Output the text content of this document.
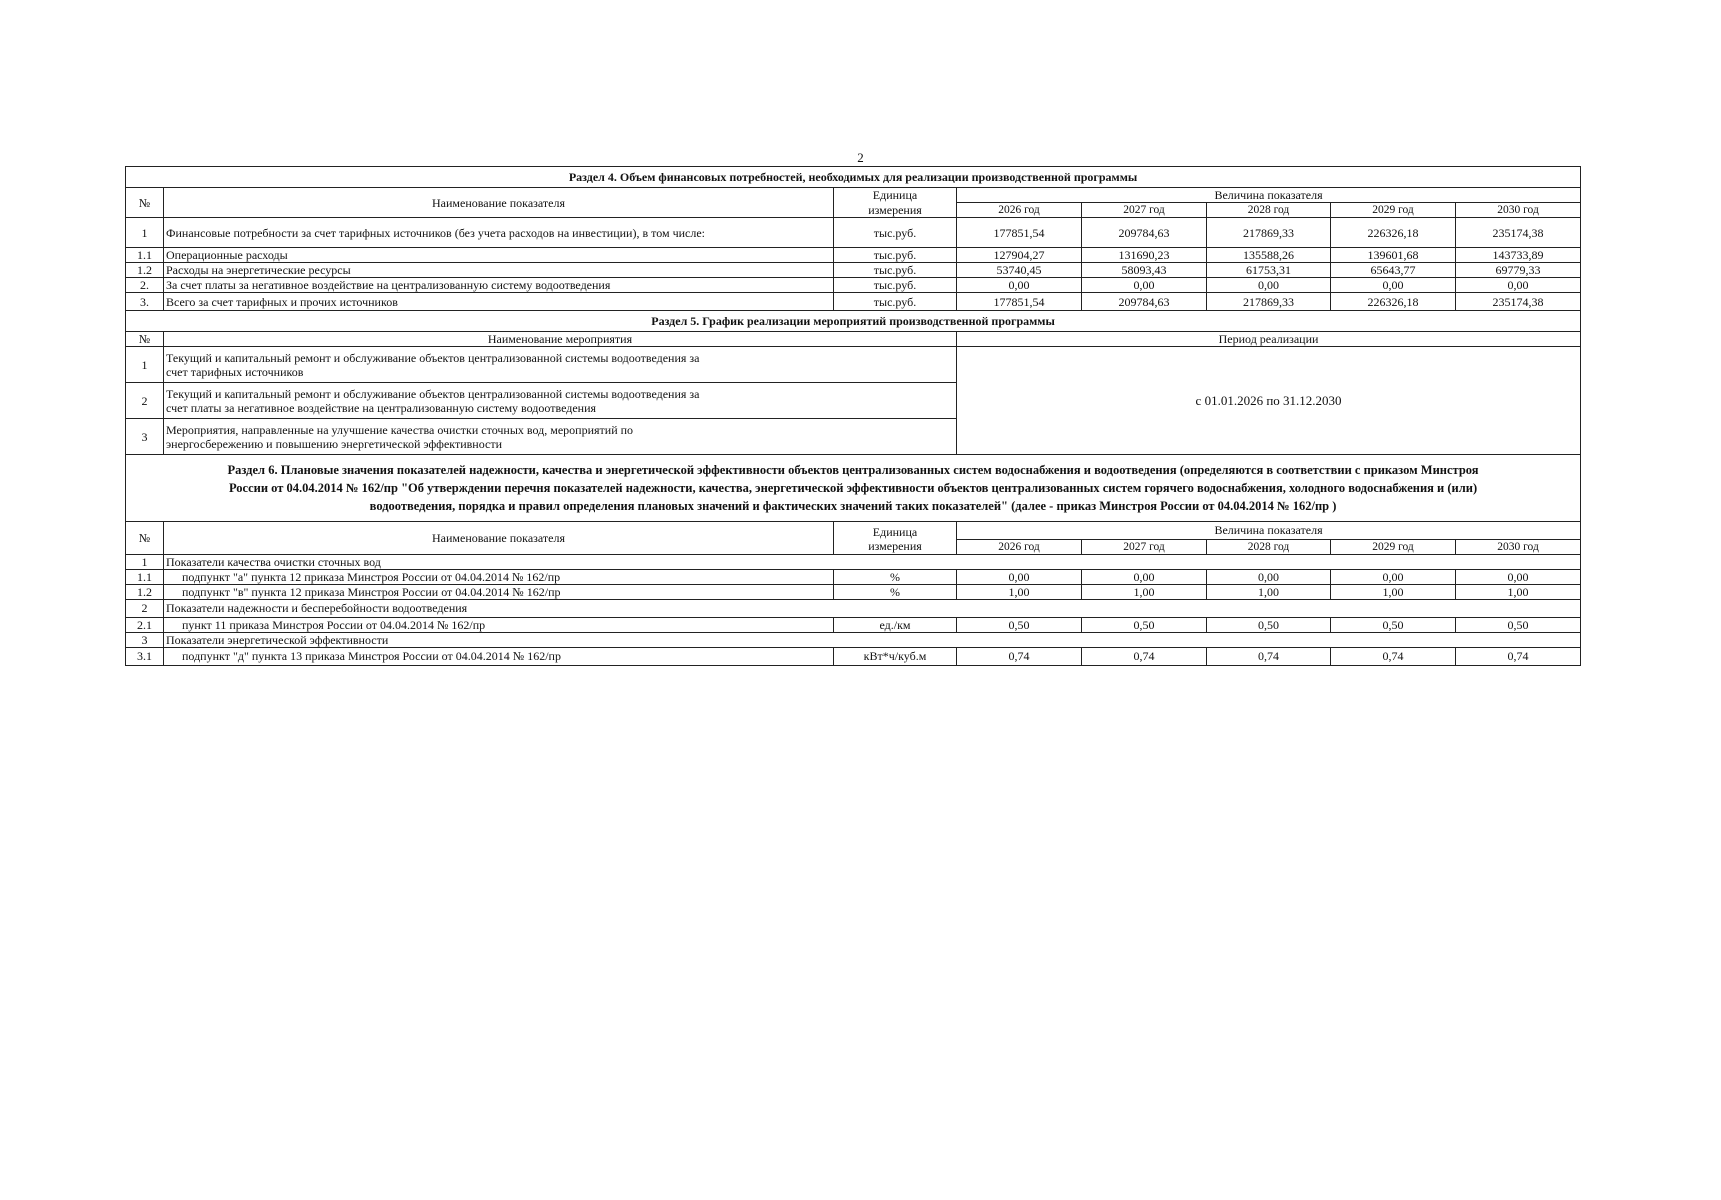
2
Раздел 4. Объем финансовых потребностей, необходимых для реализации производственной программы							
№	Наименование показателя	Единица	Величина показателя				
		измерения	2026 год	2027 год	2028 год	2029 год	2030 год
1	Финансовые потребности за счет тарифных источников (без учета расходов на инвестиции), в том числе:	тыс.руб.	177851,54	209784,63	217869,33	226326,18	235174,38
1.1	Операционные расходы	тыс.руб.	127904,27	131690,23	135588,26	139601,68	143733,89
1.2	Расходы на энергетические ресурсы	тыс.руб.	53740,45	58093,43	61753,31	65643,77	69779,33
2.	За счет платы за негативное воздействие на централизованную систему водоотведения	тыс.руб.	0,00	0,00	0,00	0,00	0,00
3.	Всего за счет тарифных и прочих источников	тыс.руб.	177851,54	209784,63	217869,33	226326,18	235174,38
Раздел 5. График реализации мероприятий производственной программы							
№	Наименование мероприятия		Период реализации				
1	Текущий и капитальный ремонт и обслуживание объектов централизованной системы водоотведения за
счет тарифных источников		с 01.01.2026 по 31.12.2030				
2	Текущий и капитальный ремонт и обслуживание объектов централизованной системы водоотведения за
счет платы за негативное воздействие на централизованную систему водоотведения						

3	Мероприятия, направленные на улучшение качества очистки сточных вод, мероприятий по
энергосбережению и повышению энергетической эффективности						

Раздел 6. Плановые значения показателей надежности, качества и энергетической эффективности объектов централизованных систем водоснабжения и водоотведения (определяются в соответствии с приказом Минстроя
России от 04.04.2014 № 162/пр "Об утверждении перечня показателей надежности, качества, энергетической эффективности объектов централизованных систем горячего водоснабжения, холодного водоснабжения и (или)
водоотведения, порядка и правил определения плановых значений и фактических значений таких показателей" (далее - приказ Минстроя России от 04.04.2014 № 162/пр )							

№	Наименование показателя	Единица	Величина показателя				
		измерения	2026 год	2027 год	2028 год	2029 год	2030 год
1	Показатели качества очистки сточных вод						
1.1	подпункт "а" пункта 12 приказа Минстроя России от 04.04.2014 № 162/пр	%	0,00	0,00	0,00	0,00	0,00
1.2	подпункт "в" пункта 12 приказа Минстроя России от 04.04.2014 № 162/пр	%	1,00	1,00	1,00	1,00	1,00
2	Показатели надежности и бесперебойности водоотведения						
2.1	пункт 11 приказа Минстроя России от 04.04.2014 № 162/пр	ед./км	0,50	0,50	0,50	0,50	0,50
3	Показатели энергетической эффективности						
3.1	подпункт "д" пункта 13 приказа Минстроя России от 04.04.2014 № 162/пр	кВт*ч/куб.м	0,74	0,74	0,74	0,74	0,74
